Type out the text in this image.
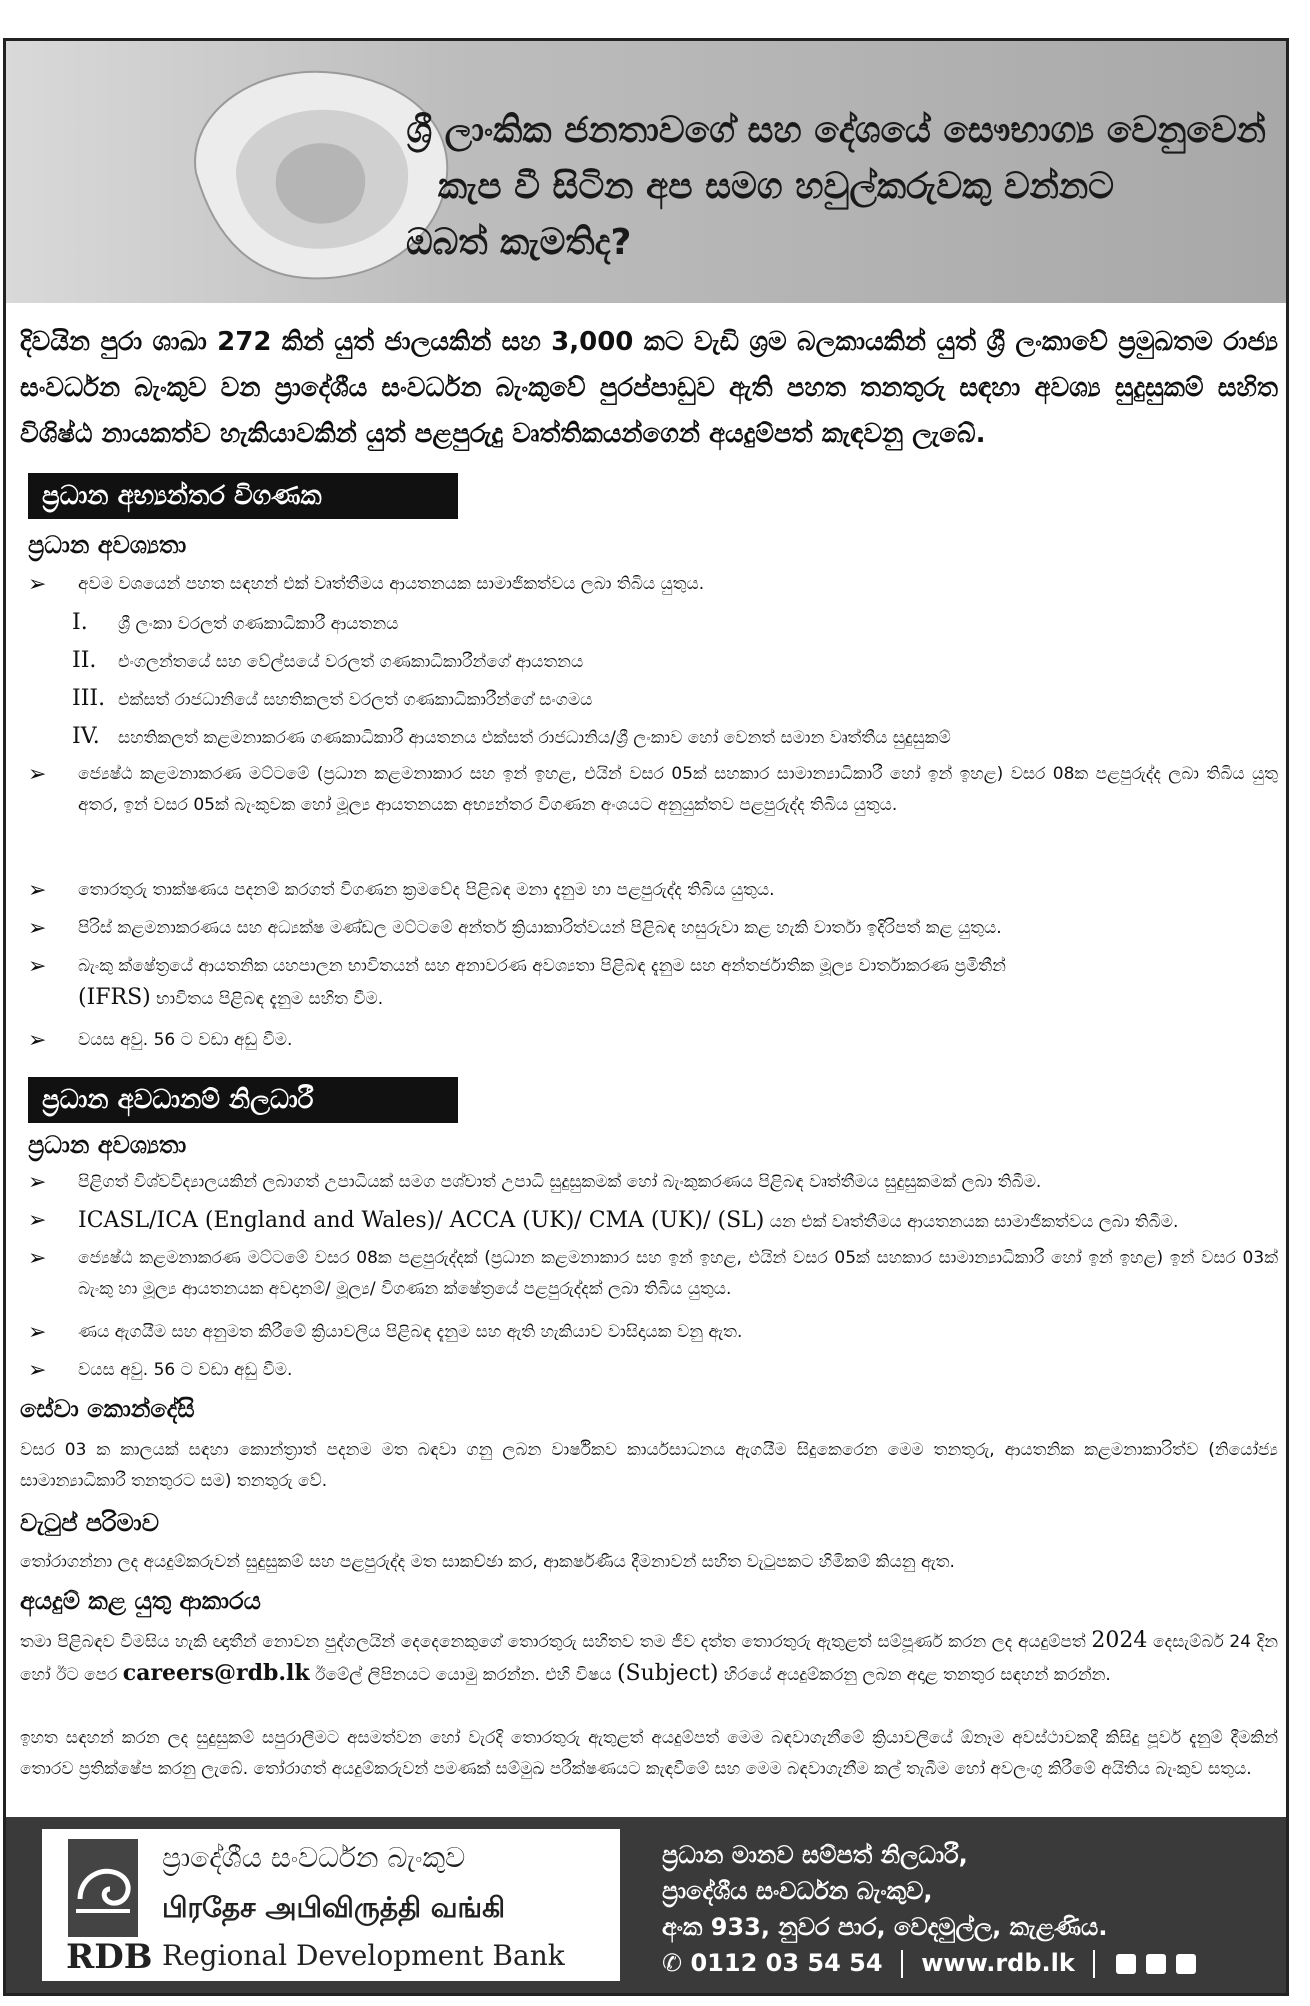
ශ්‍රී ලාංකික ජනතාවගේ සහ දේශයේ සෞභාග්‍ය වෙනුවෙන්
කැප වී සිටින අප සමග හවුල්කරුවකු වන්නට
ඔබත් කැමතිද?
දිවයින පුරා ශාඛා 272 කින් යුත් ජාලයකින් සහ 3,000 කට වැඩි ශ්‍රම බලකායකින් යුත් ශ්‍රී ලංකාවේ ප්‍රමුඛතම රාජ්‍ය සංවර්ධන බැංකුව වන ප්‍රාදේශීය සංවර්ධන බැංකුවේ පුරප්පාඩුව ඇති පහත තනතුරු සඳහා අවශ්‍ය සුදුසුකම් සහිත විශිෂ්ඨ නායකත්ව හැකියාවකින් යුත් පළපුරුදු වෘත්තිකයන්ගෙන් අයදුම්පත් කැඳවනු ලැබේ.
ප්‍රධාන අභ්‍යන්තර විගණක
ප්‍රධාන අවශ්‍යතා
➢ අවම වශයෙන් පහත සඳහන් එක් වෘත්තීමය ආයතනයක සාමාජිකත්වය ලබා තිබිය යුතුය.
I. ශ්‍රී ලංකා වරලත් ගණකාධිකාරී ආයතනය
II. එංගලන්තයේ සහ වේල්සයේ වරලත් ගණකාධිකාරීන්ගේ ආයතනය
III. එක්සත් රාජධානියේ සහතිකලත් වරලත් ගණකාධිකාරීන්ගේ සංගමය
IV. සහතිකලත් කළමනාකරණ ගණකාධිකාරී ආයතනය එක්සත් රාජධානිය/ශ්‍රී ලංකාව හෝ වෙනත් සමාන වෘත්තීය සුදුසුකම්
➢ ජ්‍යෙෂ්ඨ කළමනාකරණ මට්ටමේ (ප්‍රධාන කළමනාකාර සහ ඉන් ඉහළ, එයින් වසර 05ක් සහකාර සාමාන්‍යාධිකාරී හෝ ඉන් ඉහළ) වසර 08ක පළපුරුද්ද ලබා තිබිය යුතු අතර, ඉන් වසර 05ක් බැංකුවක හෝ මූල්‍ය ආයතනයක අභ්‍යන්තර විගණන අංශයට අනුයුක්තව පළපුරුද්ද තිබිය යුතුය.
➢ තොරතුරු තාක්ෂණය පදනම් කරගත් විගණන ක්‍රමවේද පිළිබඳ මනා දැනුම හා පළපුරුද්ද තිබිය යුතුය.
➢ පිරිස් කළමනාකරණය සහ අධ්‍යක්ෂ මණ්ඩල මට්ටමේ අන්තර් ක්‍රියාකාරිත්වයන් පිළිබඳ හසුරුවා කළ හැකි වාර්තා ඉදිරිපත් කළ යුතුය.
➢ බැංකු ක්ෂේත්‍රයේ ආයතනික යහපාලන භාවිතයන් සහ අනාවරණ අවශ්‍යතා පිළිබඳ දැනුම සහ අන්තර්ජාතික මූල්‍ය වාර්තාකරණ ප්‍රමිතීන්
(IFRS) භාවිතය පිළිබඳ දැනුම සහිත වීම.
➢ වයස අවු. 56 ට වඩා අඩු වීම.
ප්‍රධාන අවධානම් නිලධාරී
ප්‍රධාන අවශ්‍යතා
➢ පිළිගත් විශ්වවිද්‍යාලයකින් ලබාගත් උපාධියක් සමග පශ්චාත් උපාධි සුදුසුකමක් හෝ බැංකුකරණය පිළිබඳ වෘත්තීමය සුදුසුකමක් ලබා තිබීම.
➢ ICASL/ICA (England and Wales)/ ACCA (UK)/ CMA (UK)/ (SL) යන එක් වෘත්තීමය ආයතනයක සාමාජිකත්වය ලබා තිබීම.
➢ ජ්‍යෙෂ්ඨ කළමනාකරණ මට්ටමේ වසර 08ක පළපුරුද්දක් (ප්‍රධාන කළමනාකාර සහ ඉන් ඉහළ, එයින් වසර 05ක් සහකාර සාමාන්‍යාධිකාරී හෝ ඉන් ඉහළ) ඉන් වසර 03ක් බැංකු හා මූල්‍ය ආයතනයක අවදානම්/ මූල්‍ය/ විගණන ක්ෂේත්‍රයේ පළපුරුද්දක් ලබා තිබිය යුතුය.
➢ ණය ඇගයීම සහ අනුමත කිරීමේ ක්‍රියාවලිය පිළිබඳ දැනුම සහ ඇති හැකියාව වාසිදායක වනු ඇත.
➢ වයස අවු. 56 ට වඩා අඩු වීම.
සේවා කොන්දේසි
වසර 03 ක කාලයක් සඳහා කොන්ත්‍රාත් පදනම මත බඳවා ගනු ලබන වාර්ෂිකව කාර්යසාධනය ඇගයීම සිදුකෙරෙන මෙම තනතුරු, ආයතනික කළමනාකාරිත්ව (නියෝජ්‍ය සාමාන්‍යාධිකාරී තනතුරට සම) තනතුරු වේ.
වැටුප් පරිමාව
තෝරාගන්නා ලද අයදුම්කරුවන් සුදුසුකම් සහ පළපුරුද්ද මත සාකච්ඡා කර, ආකර්ෂණීය දීමනාවන් සහිත වැටුපකට හිමිකම් කියනු ඇත.
අයදුම් කළ යුතු ආකාරය
තමා පිළිබඳව විමසිය හැකි ඥාතීන් නොවන පුද්ගලයින් දෙදෙනෙකුගේ තොරතුරු සහිතව තම ජීව දත්ත තොරතුරු ඇතුළත් සම්පූර්ණ කරන ලද අයදුම්පත් 2024 දෙසැම්බර් 24 දින හෝ ඊට පෙර careers@rdb.lk ඊමේල් ලිපිනයට යොමු කරන්න. එහි විෂය (Subject) හිරයේ අයදුම්කරනු ලබන අදාළ තනතුර සඳහන් කරන්න.
ඉහත සඳහන් කරන ලද සුදුසුකම් සපුරාලීමට අසමත්වන හෝ වැරදි තොරතුරු ඇතුළත් අයදුම්පත් මෙම බඳවාගැනීමේ ක්‍රියාවලියේ ඕනෑම අවස්ථාවකදී කිසිදු පූර්ව දැනුම් දීමකින් තොරව ප්‍රතික්ෂේප කරනු ලැබේ. තෝරාගත් අයදුම්කරුවන් පමණක් සම්මුඛ පරීක්ෂණයට කැඳවීමේ සහ මෙම බඳවාගැනීම කල් තැබීම හෝ අවලංගු කිරීමේ අයිතිය බැංකුව සතුය.
RDB
ප්‍රාදේශීය සංවර්ධන බැංකුව
பிரதேச அபிவிருத்தி வங்கி
Regional Development Bank
ප්‍රධාන මානව සම්පත් නිලධාරී,
ප්‍රාදේශීය සංවර්ධන බැංකුව,
අංක 933, නුවර පාර, වෙදමුල්ල, කැළණිය.
✆ 0112 03 54 54 www.rdb.lk
